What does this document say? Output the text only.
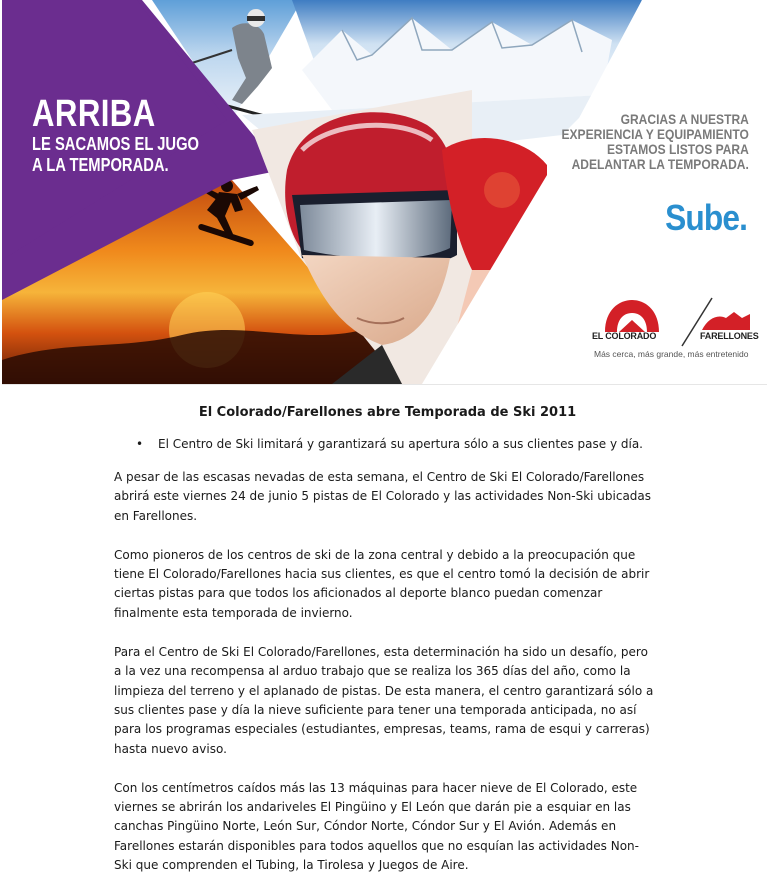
ARRIBA
LE SACAMOS EL JUGO
A LA TEMPORADA.
GRACIAS A NUESTRA
EXPERIENCIA Y EQUIPAMIENTO
ESTAMOS LISTOS PARA
ADELANTAR LA TEMPORADA.
Sube.
EL COLORADO	FARELLONES
Más cerca, más grande, más entretenido
El Colorado/Farellones abre Temporada de Ski 2011
•	El Centro de Ski limitará y garantizará su apertura sólo a sus clientes pase y día.

A pesar de las escasas nevadas de esta semana, el Centro de Ski El Colorado/Farellones abrirá este viernes 24 de junio 5 pistas de El Colorado y las actividades Non-Ski ubicadas en Farellones.

Como pioneros de los centros de ski de la zona central y debido a la preocupación que tiene El Colorado/Farellones hacia sus clientes, es que el centro tomó la decisión de abrir ciertas pistas para que todos los aficionados al deporte blanco puedan comenzar finalmente esta temporada de invierno.

Para el Centro de Ski El Colorado/Farellones, esta determinación ha sido un desafío, pero a la vez una recompensa al arduo trabajo que se realiza los 365 días del año, como la limpieza del terreno y el aplanado de pistas. De esta manera, el centro garantizará sólo a sus clientes pase y día la nieve suficiente para tener una temporada anticipada, no así para los programas especiales (estudiantes, empresas, teams, rama de esqui y carreras) hasta nuevo aviso.

Con los centímetros caídos más las 13 máquinas para hacer nieve de El Colorado, este viernes se abrirán los andariveles El Pingüino y El León que darán pie a esquiar en las canchas Pingüino Norte, León Sur, Cóndor Norte, Cóndor Sur y El Avión. Además en Farellones estarán disponibles para todos aquellos que no esquían las actividades Non-Ski que comprenden el Tubing, la Tirolesa y Juegos de Aire.
